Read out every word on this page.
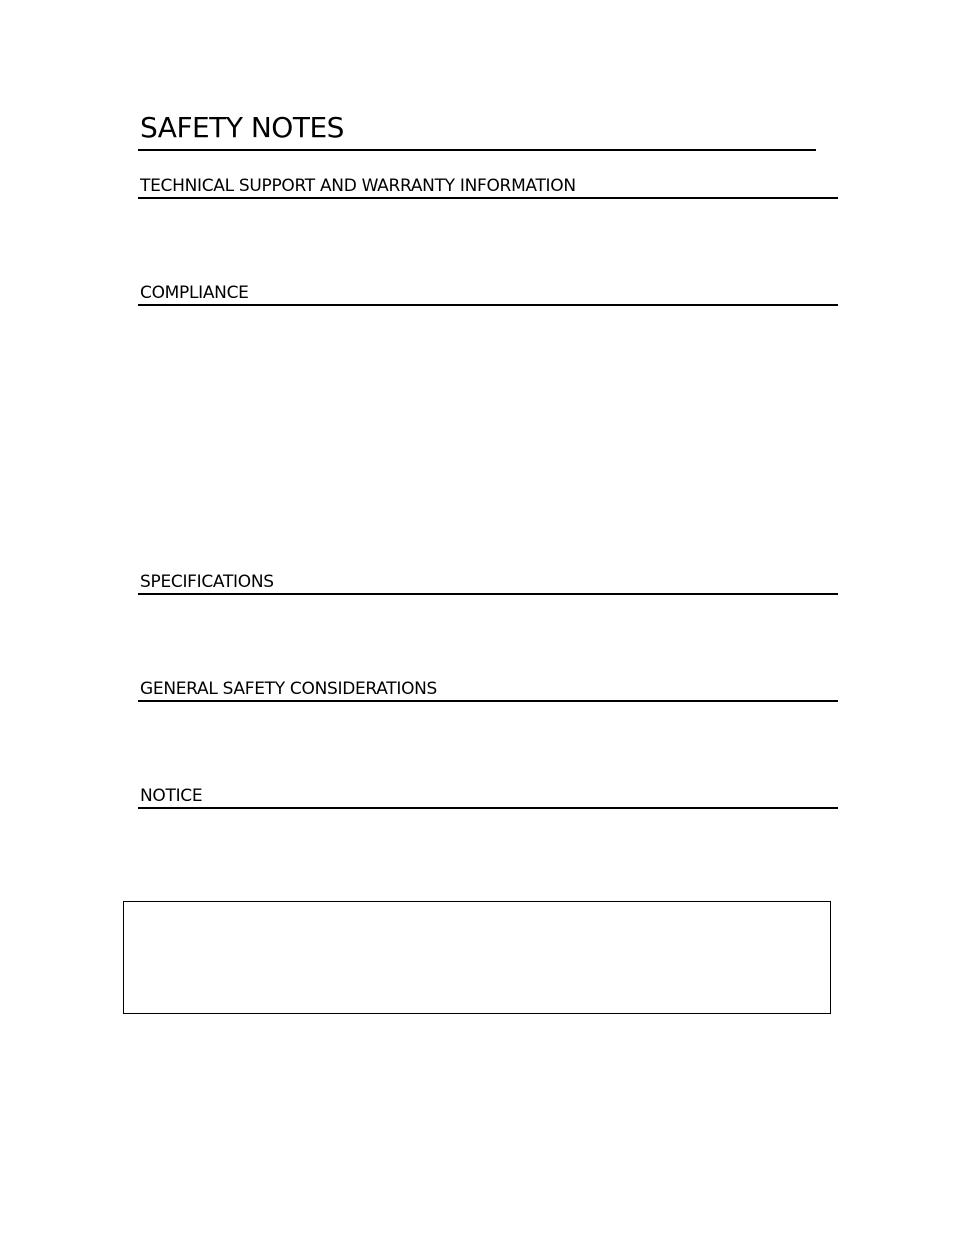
SAFETY NOTES
TECHNICAL SUPPORT AND WARRANTY INFORMATION
COMPLIANCE
SPECIFICATIONS
GENERAL SAFETY CONSIDERATIONS
NOTICE
